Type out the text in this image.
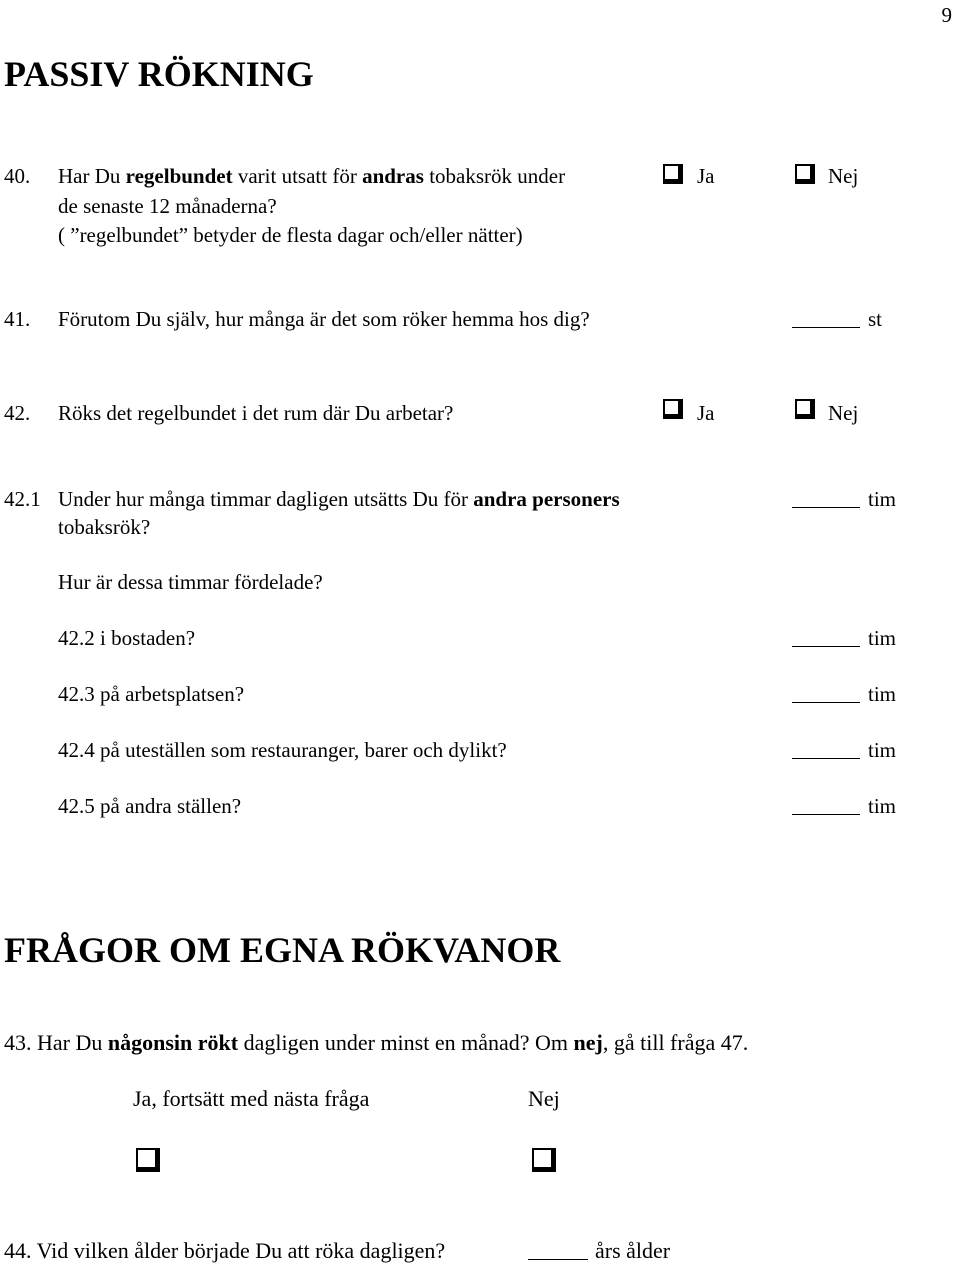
9
PASSIV RÖKNING
40. Har Du regelbundet varit utsatt för andras tobaksrök under
de senaste 12 månaderna?
( ”regelbundet” betyder de flesta dagar och/eller nätter)
Ja	Nej
41. Förutom Du själv, hur många är det som röker hemma hos dig?	st
42. Röks det regelbundet i det rum där Du arbetar?	Ja	Nej
42.1 Under hur många timmar dagligen utsätts Du för andra personers
tobaksrök?
tim
Hur är dessa timmar fördelade?
42.2 i bostaden?	tim
42.3 på arbetsplatsen?	tim
42.4 på uteställen som restauranger, barer och dylikt?	tim
42.5 på andra ställen?	tim
FRÅGOR OM EGNA RÖKVANOR
43. Har Du någonsin rökt dagligen under minst en månad? Om nej, gå till fråga 47.
Ja, fortsätt med nästa fråga	Nej
44. Vid vilken ålder började Du att röka dagligen?	års ålder
